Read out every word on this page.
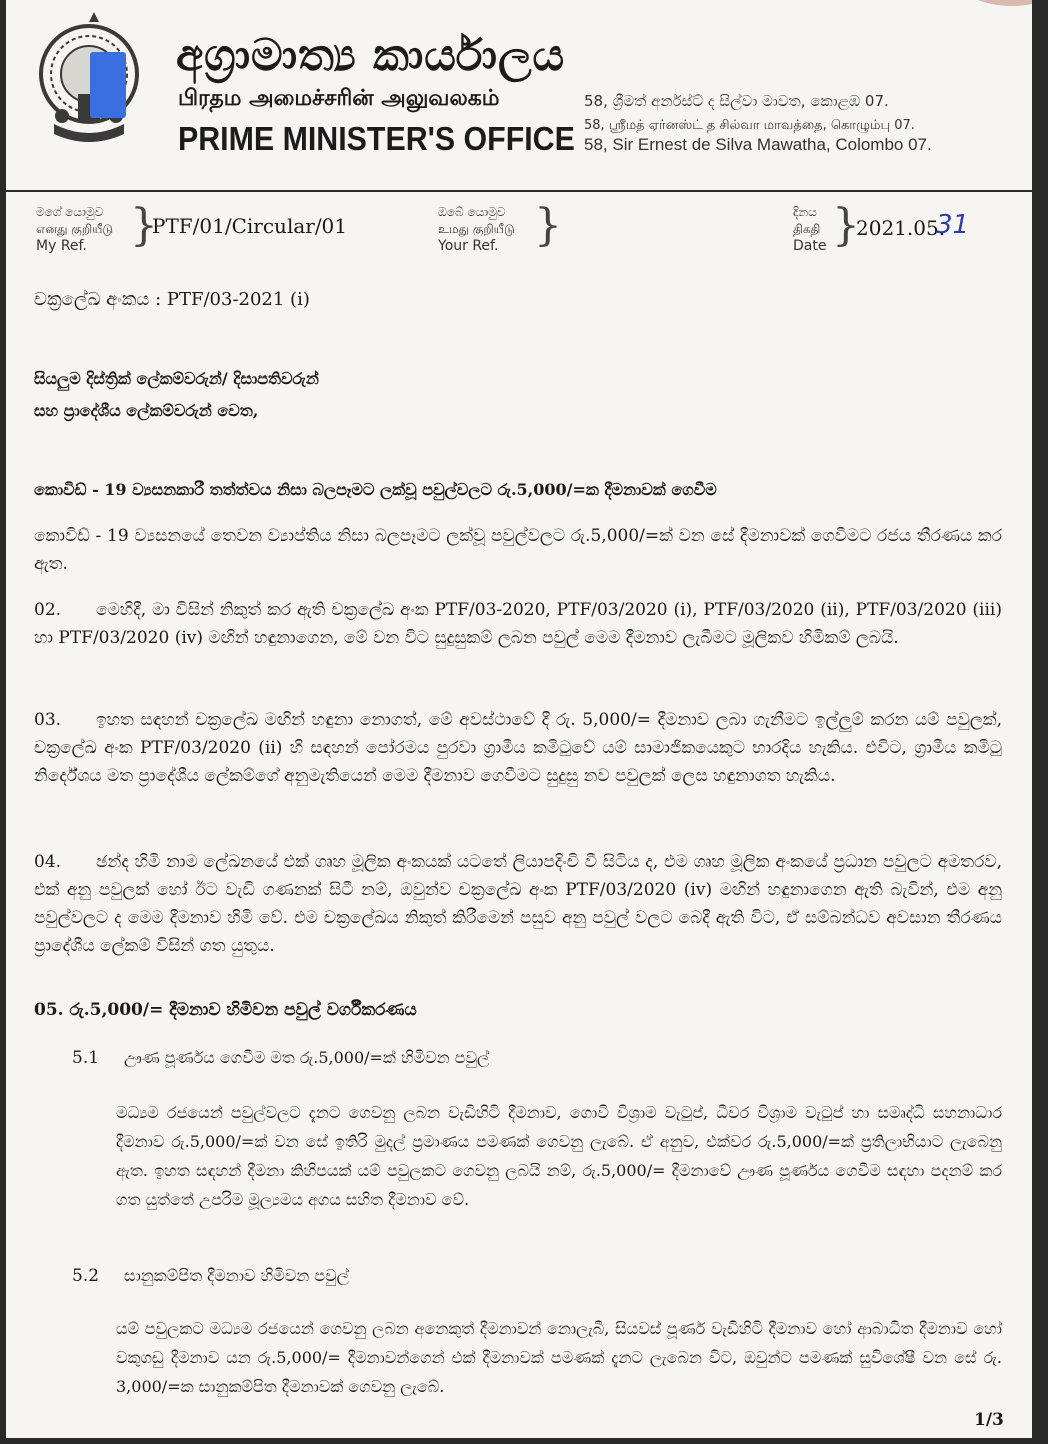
අග්‍රාමාත්‍ය කාර්යාලය
பிரதம அமைச்சரின் அலுவலகம்
PRIME MINISTER'S OFFICE
58, ශ්‍රීමත් අර්නස්ට් ද සිල්වා මාවත, කොළඹ 07.
58, ஸ்ரீமத் ஏர்னஸ்ட் த சில்வா மாவத்தை, கொழும்பு 07.
58, Sir Ernest de Silva Mawatha, Colombo 07.
මගේ යොමුව
எனது குறியீடு
My Ref. }
PTF/01/Circular/01
ඔබේ යොමුව
உமது குறியீடு
Your Ref. }	දිනය
திகதி
Date }
2021.05.
31
චක්‍රලේඛ අංකය : PTF/03-2021 (i)
සියලුම දිස්ත්‍රික් ලේකම්වරුන්/ දිසාපතිවරුන්
සහ ප්‍රාදේශීය ලේකම්වරුන් වෙත,
කොවිඩ් - 19 ව්‍යසනකාරී තත්ත්වය නිසා බලපෑමට ලක්වූ පවුල්වලට රු.5,000/=ක දීමනාවක් ගෙවීම
කොවිඩ් - 19 ව්‍යසනයේ තෙවන ව්‍යාප්තිය නිසා බලපෑමට ලක්වූ පවුල්වලට රු.5,000/=ක් වන සේ දීමනාවක් ගෙවීමට රජය තීරණය කර ඇත.
02. මෙහිදී, මා විසින් නිකුත් කර ඇති චක්‍රලේඛ අංක PTF/03-2020, PTF/03/2020 (i), PTF/03/2020 (ii), PTF/03/2020 (iii) හා PTF/03/2020 (iv) මඟින් හඳුනාගෙන, මේ වන විට සුදුසුකම් ලබන පවුල් මෙම දීමනාව ලැබීමට මූලිකව හිමිකම් ලබයි.
03. ඉහත සඳහන් චක්‍රලේඛ මඟින් හඳුනා නොගත්, මේ අවස්ථාවේ දී රු. 5,000/= දීමනාව ලබා ගැනීමට ඉල්ලුම් කරන යම් පවුලක්, චක්‍රලේඛ අංක PTF/03/2020 (ii) හි සඳහන් පෝරමය පුරවා ග්‍රාමීය කමිටුවේ යම් සාමාජිකයෙකුට භාරදිය හැකිය. එවිට, ග්‍රාමීය කමිටු නිර්දේශය මත ප්‍රාදේශීය ලේකම්ගේ අනුමැතියෙන් මෙම දීමනාව ගෙවීමට සුදුසු නව පවුලක් ලෙස හඳුනාගත හැකිය.
04. ඡන්ද හිමි නාම ලේඛනයේ එක් ගෘහ මූලික අංකයක් යටතේ ලියාපදිංචි වී සිටිය ද, එම ගෘහ මූලික අංකයේ ප්‍රධාන පවුලට අමතරව, එක් අනු පවුලක් හෝ ඊට වැඩි ගණනක් සිටී නම්, ඔවුන්ව චක්‍රලේඛ අංක PTF/03/2020 (iv) මඟින් හඳුනාගෙන ඇති බැවින්, එම අනු පවුල්වලට ද මෙම දීමනාව හිමි වේ. එම චක්‍රලේඛය නිකුත් කිරීමෙන් පසුව අනු පවුල් වලට බෙදී ඇති විට, ඒ සම්බන්ධව අවසාන තීරණය ප්‍රාදේශීය ලේකම් විසින් ගත යුතුය.
05. රු.5,000/= දීමනාව හිමිවන පවුල් වර්ගීකරණය
5.1 ඌණ පූර්ණය ගෙවීම මත රු.5,000/=ක් හිමිවන පවුල්
මධ්‍යම රජයෙන් පවුල්වලට දැනට ගෙවනු ලබන වැඩිහිටි දීමනාව, ගොවි විශ්‍රාම වැටුප්, ධීවර විශ්‍රාම වැටුප් හා සමෘද්ධි සහනාධාර දීමනාව රු.5,000/=ක් වන සේ ඉතිරි මුදල් ප්‍රමාණය පමණක් ගෙවනු ලැබේ. ඒ අනුව, එක්වර රු.5,000/=ක් ප්‍රතිලාභියාට ලැබෙනු ඇත. ඉහත සඳහන් දීමනා කිහිපයක් යම් පවුලකට ගෙවනු ලබයි නම්, රු.5,000/= දීමනාවේ ඌණ පූර්ණය ගෙවීම සඳහා පදනම් කර ගත යුත්තේ උපරිම මූල්‍යමය අගය සහිත දීමනාව වේ.
5.2 සානුකම්පිත දීමනාව හිමිවන පවුල්
යම් පවුලකට මධ්‍යම රජයෙන් ගෙවනු ලබන අනෙකුත් දීමනාවන් නොලැබී, සියවස් පූර්ණ වැඩිහිටි දීමනාව හෝ ආබාධිත දීමනාව හෝ වකුගඩු දීමනාව යන රු.5,000/= දීමනාවන්ගෙන් එක් දීමනාවක් පමණක් දැනට ලැබෙන විට, ඔවුන්ට පමණක් සුවිශේෂී වන සේ රු. 3,000/=ක සානුකම්පිත දීමනාවක් ගෙවනු ලැබේ.
1/3
